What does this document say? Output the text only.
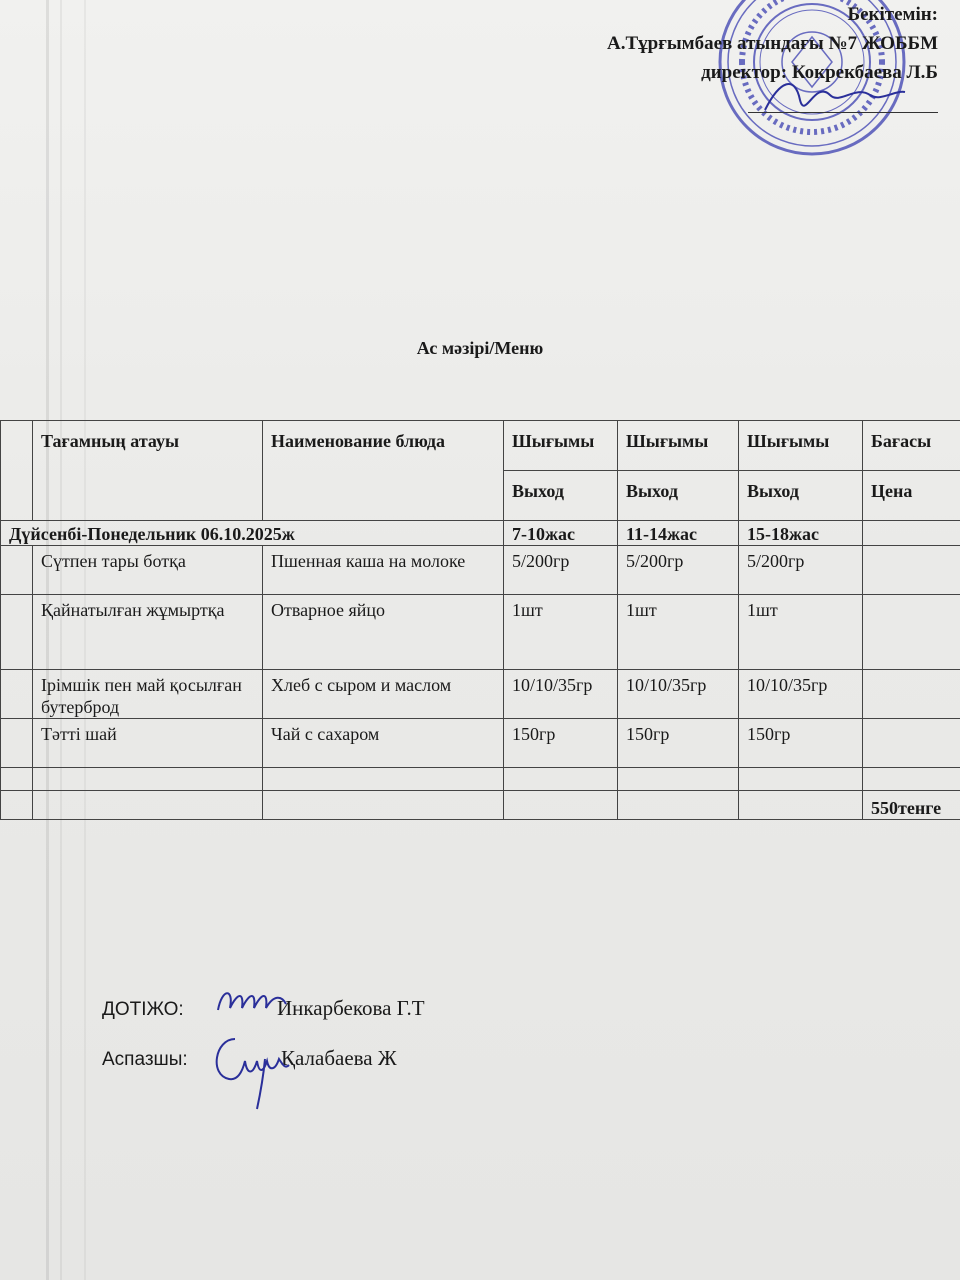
Бекітемін:
А.Тұрғымбаев атындағы №7 ЖОББМ
директор: Кокрекбаева Л.Б
Ас мәзірі/Меню
	Тағамның атауы	Наименование блюда	Шығымы	Шығымы	Шығымы	Бағасы
			Выход	Выход	Выход	Цена
Дүйсенбі-Понедельник 06.10.2025ж			7-10жас	11-14жас	15-18жас	
	Сүтпен тары ботқа	Пшенная каша на молоке	5/200гр	5/200гр	5/200гр	
	Қайнатылған жұмыртқа	Отварное яйцо	1шт	1шт	1шт	
	Ірімшік пен май қосылған бутерброд	Хлеб с сыром и маслом	10/10/35гр	10/10/35гр	10/10/35гр	
	Тәтті шай	Чай с сахаром	150гр	150гр	150гр	

						550тенге
ДОТІЖО:	Инкарбекова Г.Т
Аспазшы:	Қалабаева Ж
